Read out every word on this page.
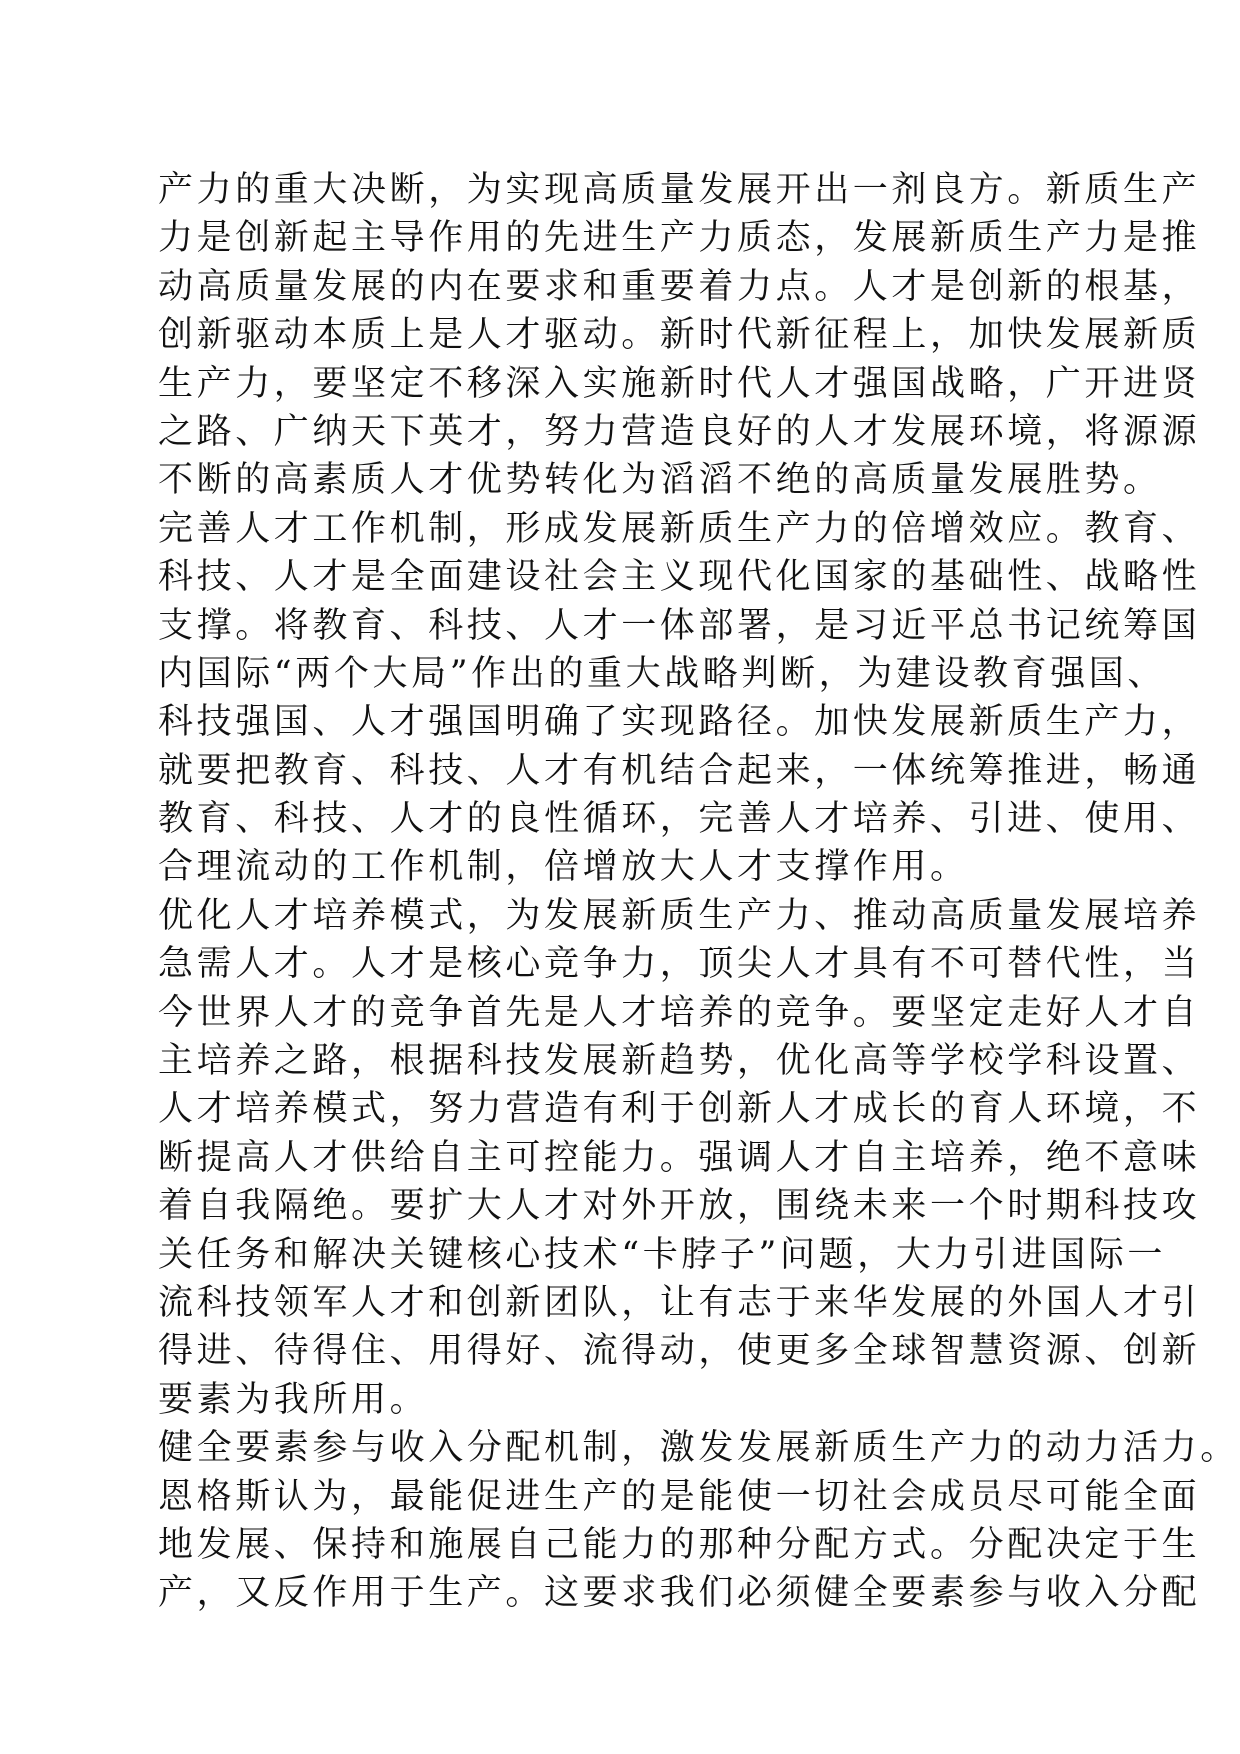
产力的重大决断，为实现高质量发展开出一剂良方。新质生产
力是创新起主导作用的先进生产力质态，发展新质生产力是推
动高质量发展的内在要求和重要着力点。人才是创新的根基，
创新驱动本质上是人才驱动。新时代新征程上，加快发展新质
生产力，要坚定不移深入实施新时代人才强国战略，广开进贤
之路、广纳天下英才，努力营造良好的人才发展环境，将源源
不断的高素质人才优势转化为滔滔不绝的高质量发展胜势。
完善人才工作机制，形成发展新质生产力的倍增效应。教育、
科技、人才是全面建设社会主义现代化国家的基础性、战略性
支撑。将教育、科技、人才一体部署，是习近平总书记统筹国
内国际“两个大局”作出的重大战略判断，为建设教育强国、
科技强国、人才强国明确了实现路径。加快发展新质生产力，
就要把教育、科技、人才有机结合起来，一体统筹推进，畅通
教育、科技、人才的良性循环，完善人才培养、引进、使用、
合理流动的工作机制，倍增放大人才支撑作用。
优化人才培养模式，为发展新质生产力、推动高质量发展培养
急需人才。人才是核心竞争力，顶尖人才具有不可替代性，当
今世界人才的竞争首先是人才培养的竞争。要坚定走好人才自
主培养之路，根据科技发展新趋势，优化高等学校学科设置、
人才培养模式，努力营造有利于创新人才成长的育人环境，不
断提高人才供给自主可控能力。强调人才自主培养，绝不意味
着自我隔绝。要扩大人才对外开放，围绕未来一个时期科技攻
关任务和解决关键核心技术“卡脖子”问题，大力引进国际一
流科技领军人才和创新团队，让有志于来华发展的外国人才引
得进、待得住、用得好、流得动，使更多全球智慧资源、创新
要素为我所用。
健全要素参与收入分配机制，激发发展新质生产力的动力活力。
恩格斯认为，最能促进生产的是能使一切社会成员尽可能全面
地发展、保持和施展自己能力的那种分配方式。分配决定于生
产，又反作用于生产。这要求我们必须健全要素参与收入分配
